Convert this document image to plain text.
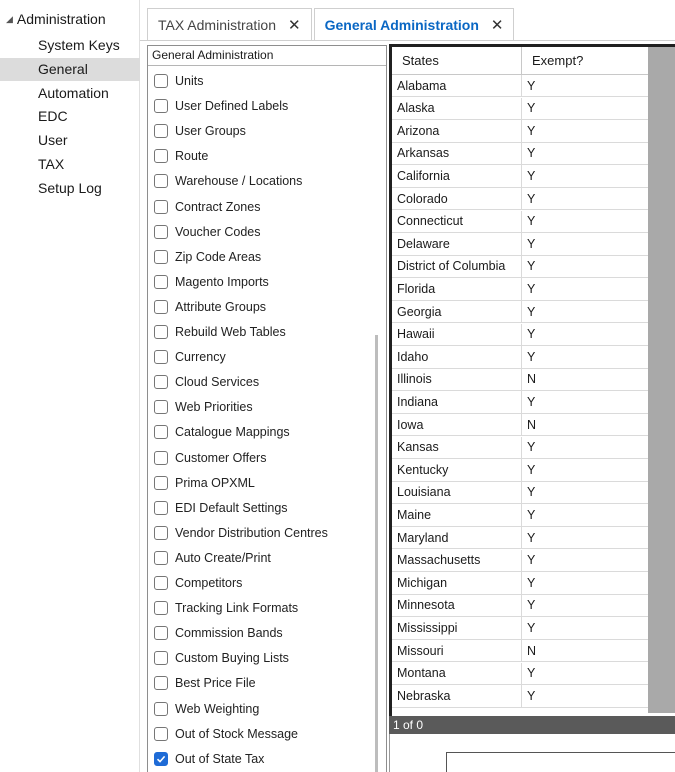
◢ Administration
System Keys
General
Automation
EDC
User
TAX
Setup Log
TAX Administration ✕ General Administration ✕
General Administration
Units
User Defined Labels
User Groups
Route
Warehouse / Locations
Contract Zones
Voucher Codes
Zip Code Areas
Magento Imports
Attribute Groups
Rebuild Web Tables
Currency
Cloud Services
Web Priorities
Catalogue Mappings
Customer Offers
Prima OPXML
EDI Default Settings
Vendor Distribution Centres
Auto Create/Print
Competitors
Tracking Link Formats
Commission Bands
Custom Buying Lists
Best Price File
Web Weighting
Out of Stock Message
Out of State Tax
States	Exempt?
Alabama	Y
Alaska	Y
Arizona	Y
Arkansas	Y
California	Y
Colorado	Y
Connecticut	Y
Delaware	Y
District of Columbia	Y
Florida	Y
Georgia	Y
Hawaii	Y
Idaho	Y
Illinois	N
Indiana	Y
Iowa	N
Kansas	Y
Kentucky	Y
Louisiana	Y
Maine	Y
Maryland	Y
Massachusetts	Y
Michigan	Y
Minnesota	Y
Mississippi	Y
Missouri	N
Montana	Y
Nebraska	Y
1 of 0
